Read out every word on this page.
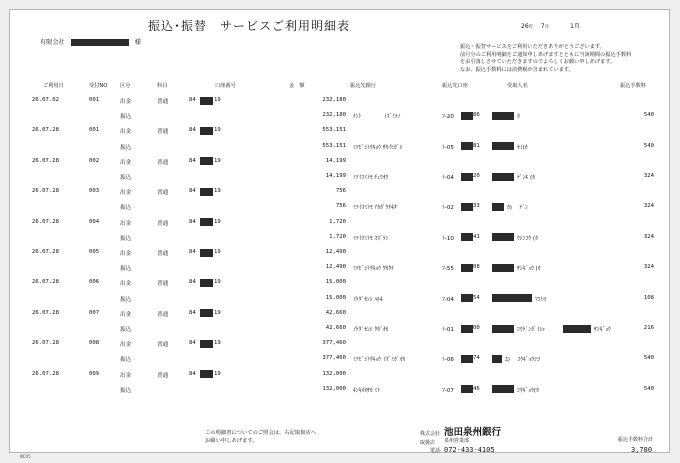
振込･振替　サービスご利用明細表	26年 7月	1頁
有限会社	様
振込・振替サービスをご利用いただきありがとうございます。
前月分のご利用明細をご通知申しあげますとともに当該期間の振込手数料
をお引落しさせていただきますのでよろしくお願い申しあげます。
なお、振込手数料には消費税が含まれています。
ご利用日	受付NO 区分	科目	口座番号	金　額	振込先銀行	振込先口座	受取人名	振込手数料
26.07.02	001	出金	普通	84	19	232,180
振込	232,180 ﾅﾝﾄ　　　　ｲｽﾞﾐﾃﾉ	ﾌ-20	86	ｶ	540
26.07.28	001	出金	普通	84	19	553,151
振込	553,151 ﾐﾂﾋﾞｼﾄｳｷｮｳ ｻｶｲﾋｶﾞｼ	ﾄ-05	81	ｾｲ(ｶ	540
26.07.28	002	出金	普通	84	19	14,199
振込	14,199 ﾐﾂｲｽﾐﾄﾓ ﾁｭｳｵｳ	ﾄ-04	20	ﾃﾞﾝｷ (ｶ	324
26.07.28	003	出金	普通	84	19	756
振込	756 ﾐﾂｲｽﾐﾄﾓ ｱｶｶﾞｳﾁｷﾀ	ﾄ-02	33	ｶ) ﾃﾞﾝ	324
26.07.28	004	出金	普通	84	19	1,720
振込	1,720 ﾐﾂｲｽﾐﾄﾓ ｽｽﾞﾗﾝ	ﾄ-10	41	ｳｼﾝｺｳ (ｶ	324
26.07.28	005	出金	普通	84	19	12,490
振込	12,490 ﾐﾂﾋﾞｼﾄｳｷｮｳ ﾜｶﾀｹ	ﾌ-55	08	ｻﾝｷﾞｮｳ (ｶ	324
26.07.28	006	出金	普通	84	19	15,000
振込	15,000 ｲｹﾀﾞｾﾝｼ ﾊﾙｷ	ﾌ-04	54	ﾏｺﾄﾛ	108
26.07.28	007	出金	普通	84	19	42,660
振込	42,660 ｲｹﾀﾞｾﾝｼ ﾀｶﾞｵｶ	ﾄ-01	00	ｺｳｹﾞﾝｶﾞｲｼｬ	ｻﾝｷﾞｮｳ	216
26.07.28	008	出金	普通	84	19	377,460
振込	377,460 ﾐﾂﾋﾞｼﾄｳｷｮｳ ｲｽﾞﾐｶﾞｵｶ	ﾄ-06	74	ﾕ) ｺｳｷﾞｮｳｼﾖ	540
26.07.28	009	出金	普通	84	19	132,000
振込	132,000 ｷﾝｷｵｵｻｶ ﾐﾄ	ﾌ-07	46	ｺｳｷﾞｮｳ(ｶ	540
この明細書についてのご照会は、右記取扱店へ
お願い申しあげます。
株式会社 池田泉州銀行
取扱店
電話
泉州営業部
072-433-4105
振込手数料合計
3,780
ⅢC05
